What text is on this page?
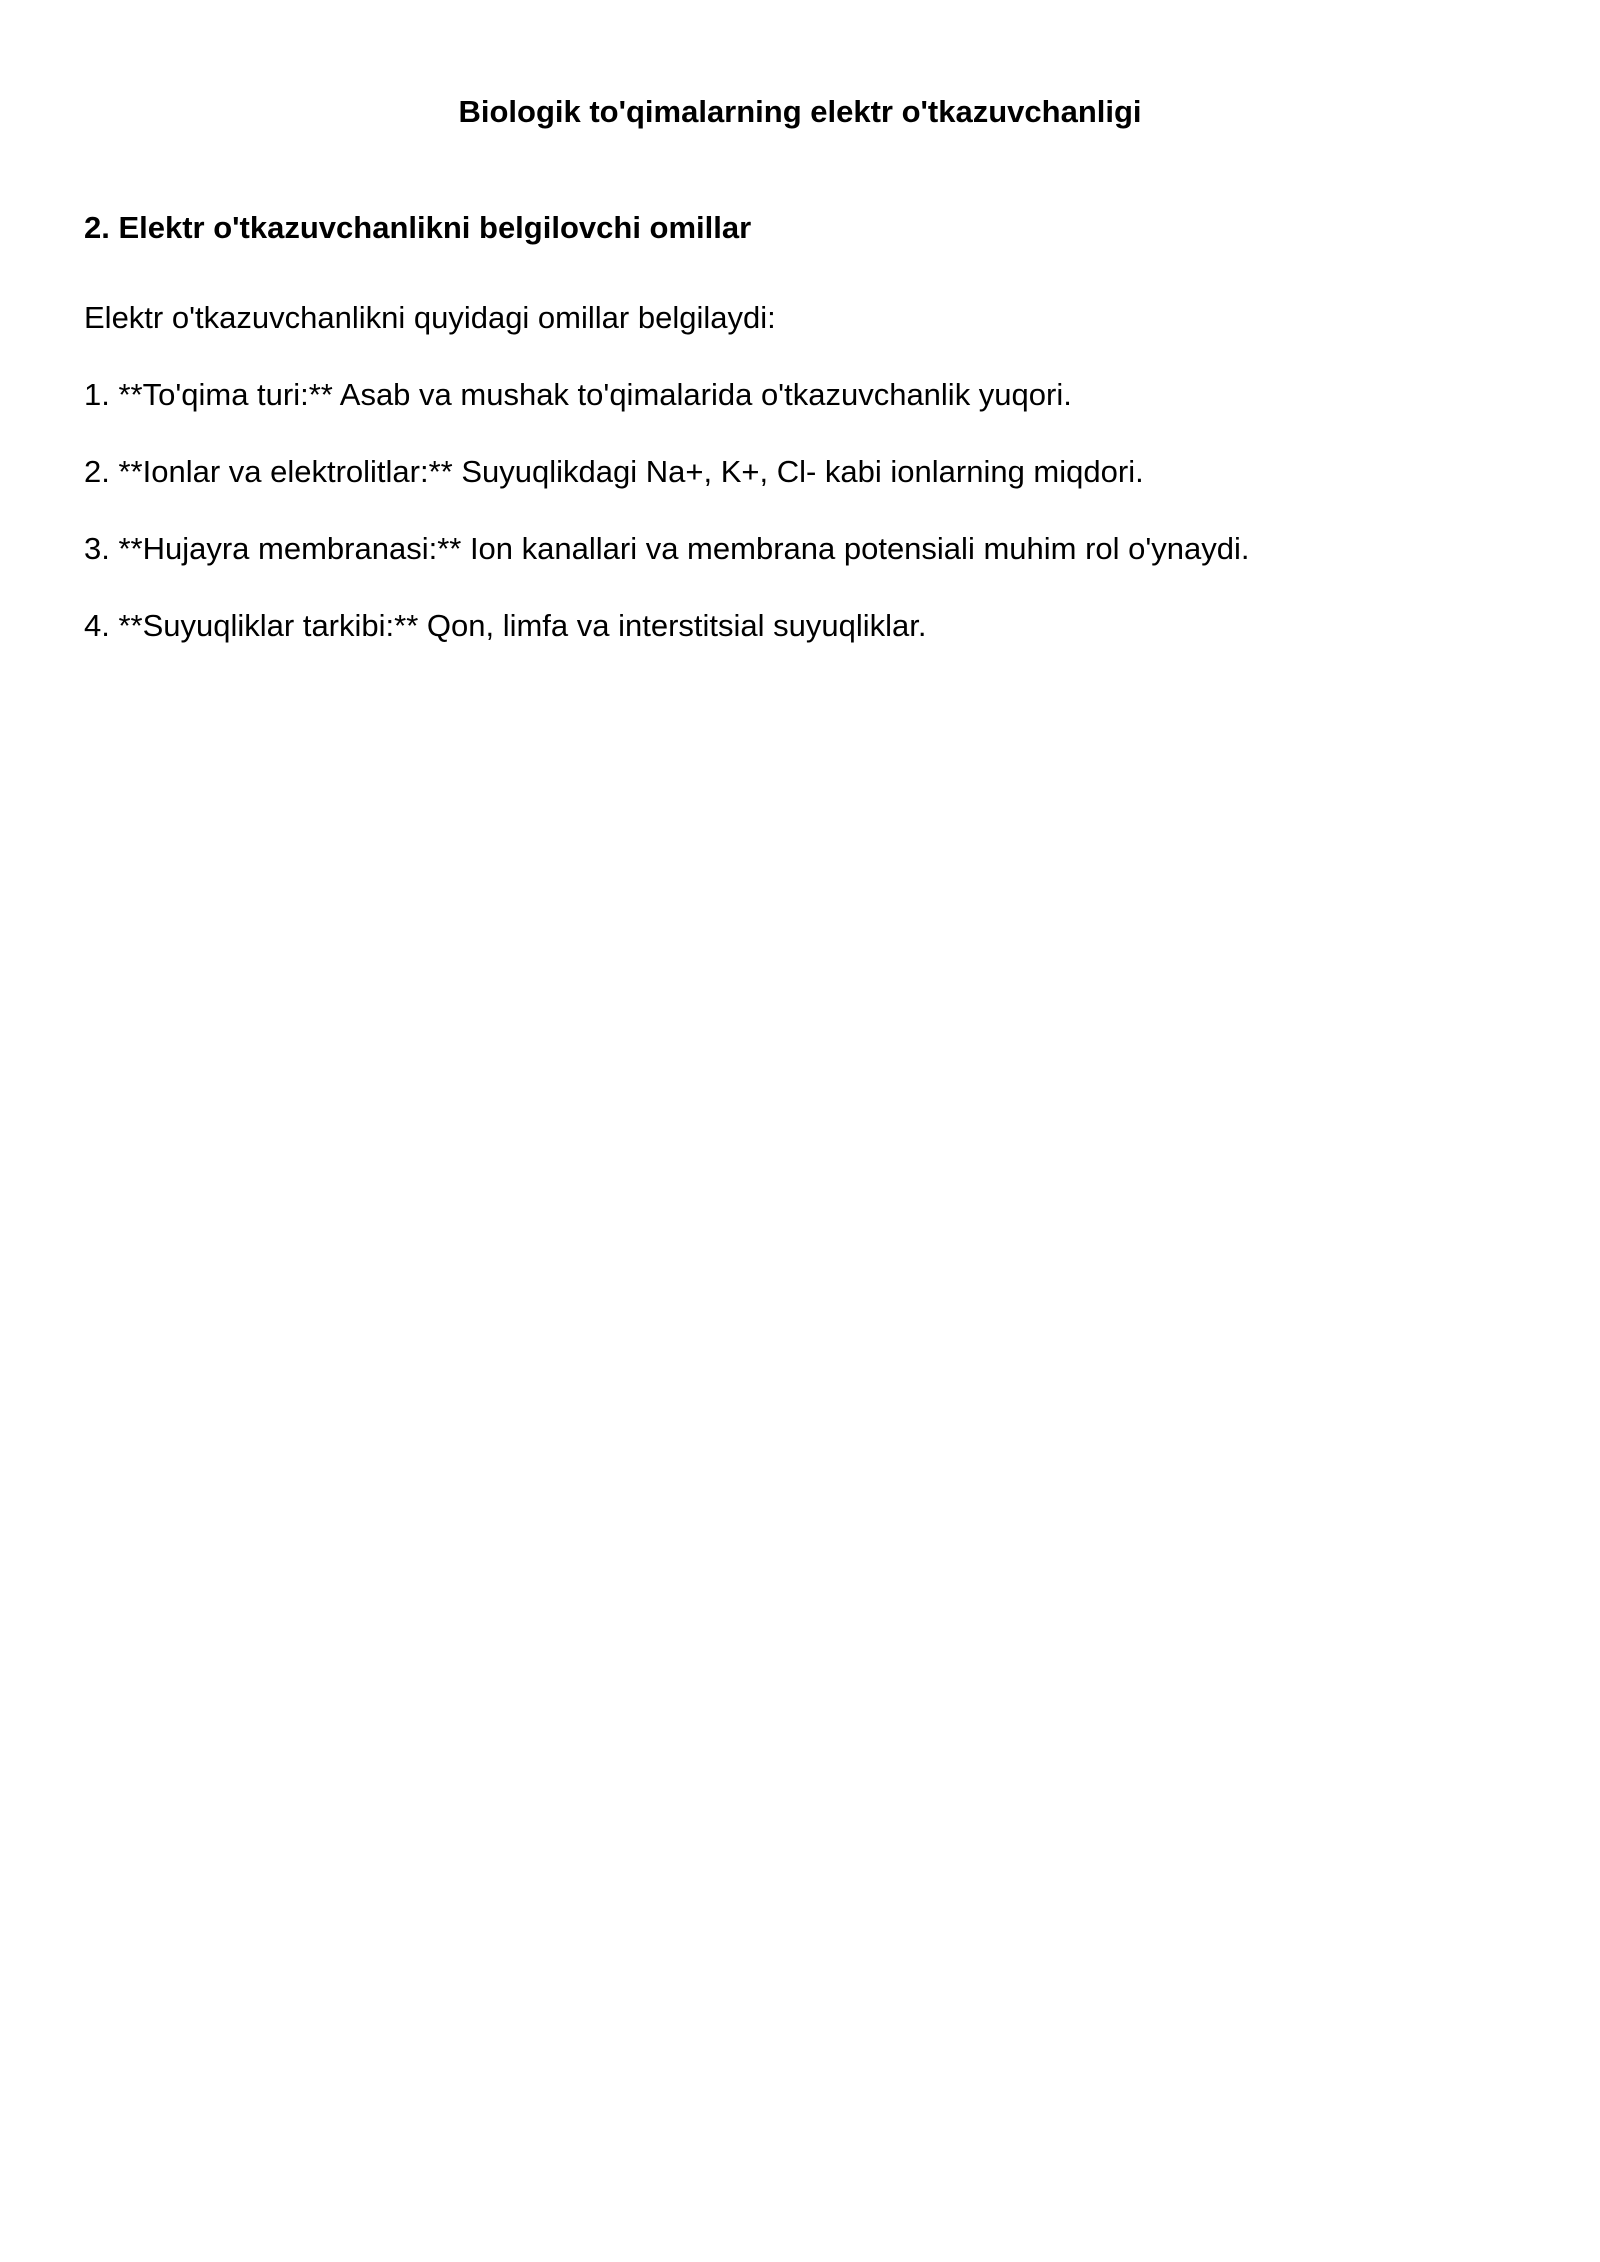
Biologik to'qimalarning elektr o'tkazuvchanligi
2. Elektr o'tkazuvchanlikni belgilovchi omillar

Elektr o'tkazuvchanlikni quyidagi omillar belgilaydi:

1. **To'qima turi:** Asab va mushak to'qimalarida o'tkazuvchanlik yuqori.

2. **Ionlar va elektrolitlar:** Suyuqlikdagi Na+, K+, Cl- kabi ionlarning miqdori.

3. **Hujayra membranasi:** Ion kanallari va membrana potensiali muhim rol o'ynaydi.

4. **Suyuqliklar tarkibi:** Qon, limfa va interstitsial suyuqliklar.
